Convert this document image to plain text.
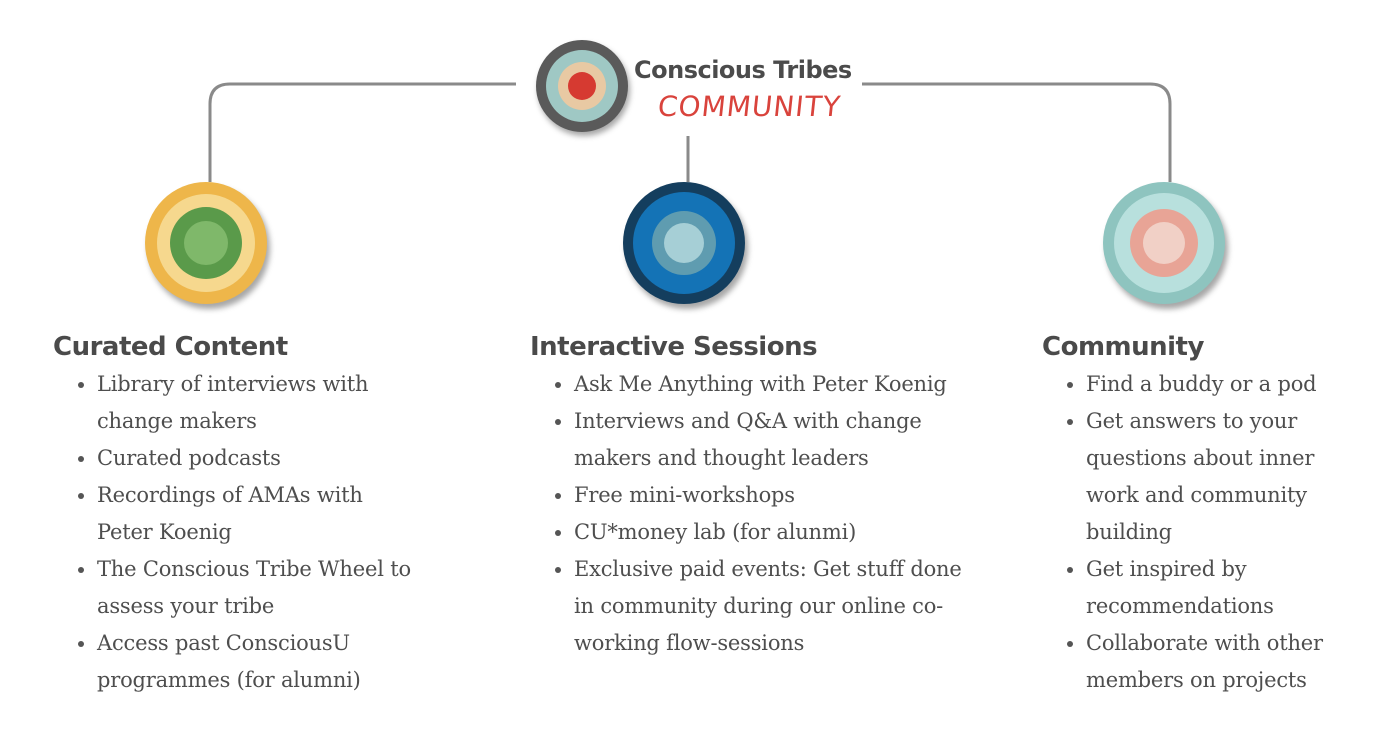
Conscious Tribes
COMMUNITY
Curated Content
• Library of interviews with change makers
• Curated podcasts
• Recordings of AMAs with Peter Koenig
• The Conscious Tribe Wheel to assess your tribe
• Access past ConsciousU programmes (for alumni)
Interactive Sessions
• Ask Me Anything with Peter Koenig
• Interviews and Q&A with change makers and thought leaders
• Free mini-workshops
• CU*money lab (for alunmi)
• Exclusive paid events: Get stuff done in community during our online co-working flow-sessions
Community
• Find a buddy or a pod
• Get answers to your questions about inner work and community building
• Get inspired by recommendations
• Collaborate with other members on projects
